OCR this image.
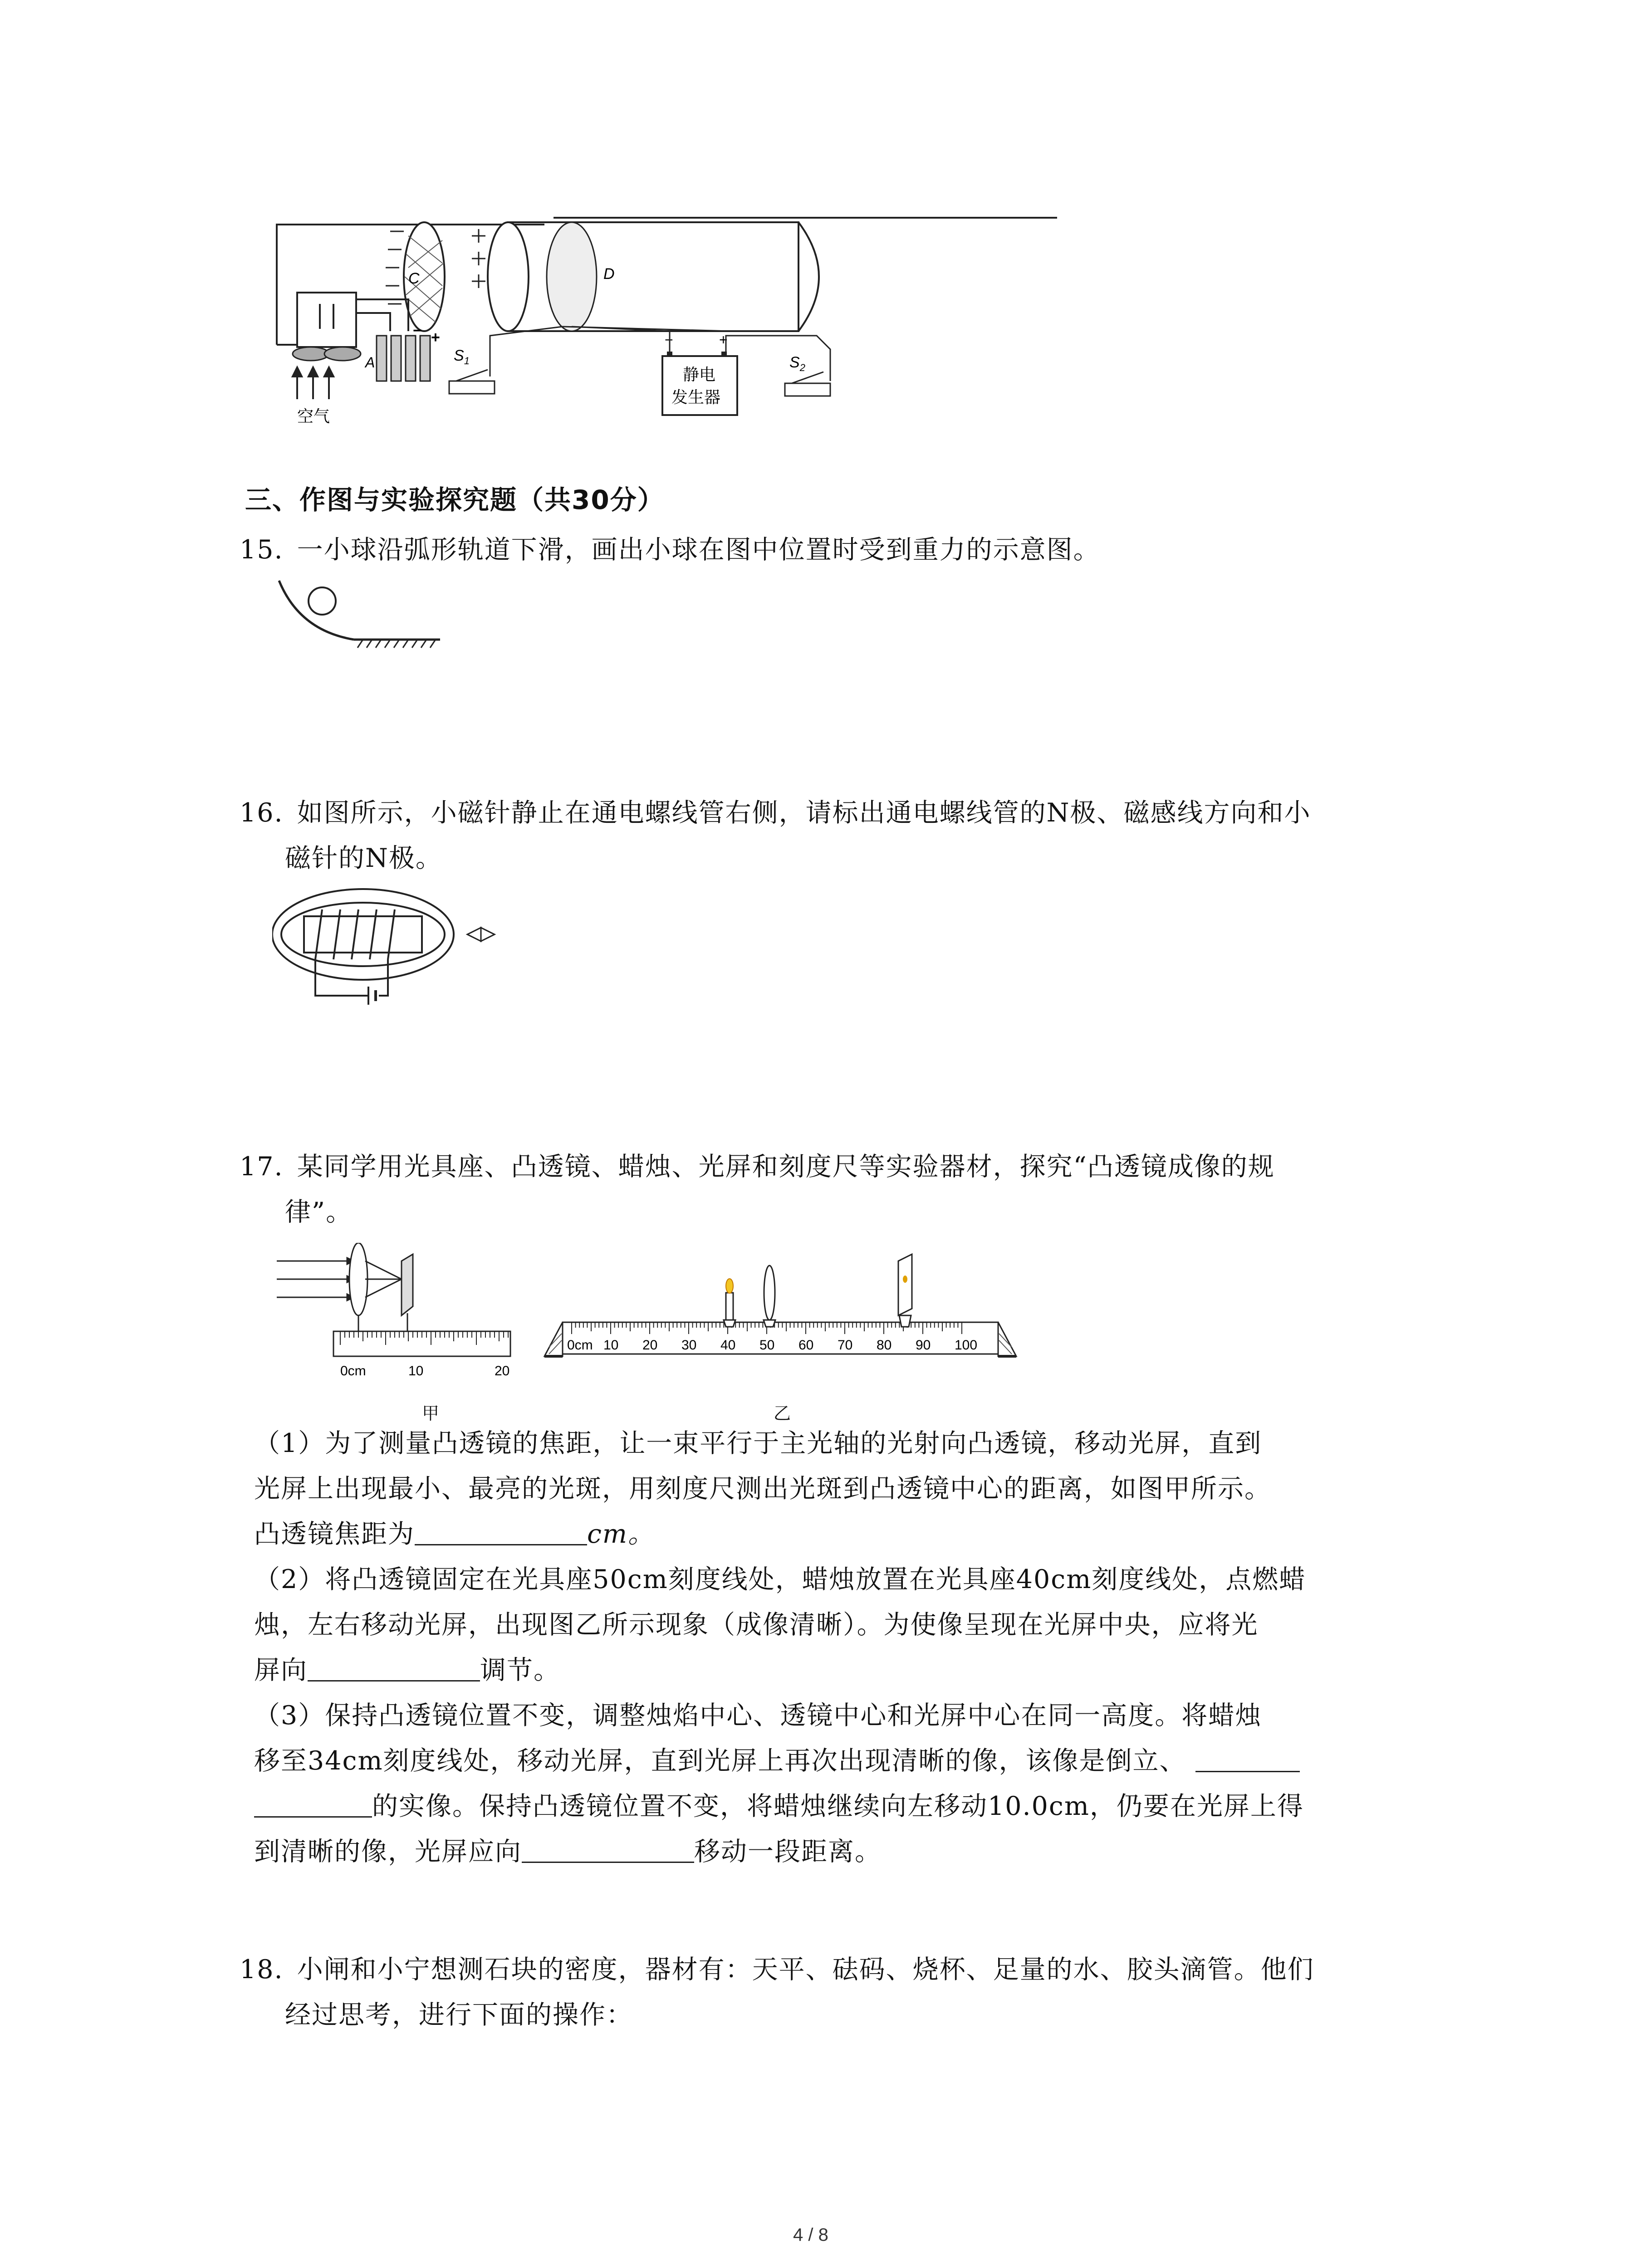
C	D
A
− +
$S_1$
−	+
静电
发生器
$S_2$
空气
三、作图与实验探究题（共30分）
15. 一小球沿弧形轨道下滑，画出小球在图中位置时受到重力的示意图。
16. 如图所示，小磁针静止在通电螺线管右侧，请标出通电螺线管的N极、磁感线方向和小
磁针的N极。
17. 某同学用光具座、凸透镜、蜡烛、光屏和刻度尺等实验器材，探究“凸透镜成像的规
律”。
0cm	10	20
甲
0cm 10 20 30 40 50 60 70 80 90 100
乙
（1）为了测量凸透镜的焦距，让一束平行于主光轴的光射向凸透镜，移动光屏，直到
光屏上出现最小、最亮的光斑，用刻度尺测出光斑到凸透镜中心的距离，如图甲所示。
凸透镜焦距为	cm。
（2）将凸透镜固定在光具座50cm刻度线处，蜡烛放置在光具座40cm刻度线处，点燃蜡
烛，左右移动光屏，出现图乙所示现象（成像清晰）。为使像呈现在光屏中央，应将光
屏向	调节。
（3）保持凸透镜位置不变，调整烛焰中心、透镜中心和光屏中心在同一高度。将蜡烛
移至34cm刻度线处，移动光屏，直到光屏上再次出现清晰的像，该像是倒立、
的实像。保持凸透镜位置不变，将蜡烛继续向左移动10.0cm，仍要在光屏上得
到清晰的像，光屏应向	移动一段距离。
18. 小闸和小宁想测石块的密度，器材有：天平、砝码、烧杯、足量的水、胶头滴管。他们
经过思考，进行下面的操作：
4 / 8
